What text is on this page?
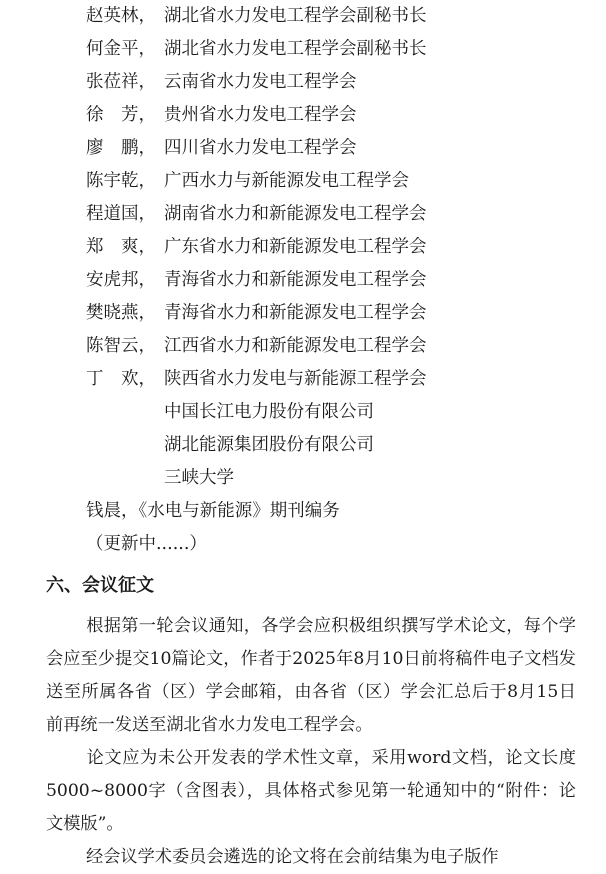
赵英林， 湖北省水力发电工程学会副秘书长
何金平， 湖北省水力发电工程学会副秘书长
张莅祥， 云南省水力发电工程学会
徐　芳， 贵州省水力发电工程学会
廖　鹏， 四川省水力发电工程学会
陈宇乾， 广西水力与新能源发电工程学会
程道国， 湖南省水力和新能源发电工程学会
郑　爽， 广东省水力和新能源发电工程学会
安虎邦， 青海省水力和新能源发电工程学会
樊晓燕， 青海省水力和新能源发电工程学会
陈智云， 江西省水力和新能源发电工程学会
丁　欢， 陕西省水力发电与新能源工程学会
中国长江电力股份有限公司
湖北能源集团股份有限公司
三峡大学
钱晨，《水电与新能源》期刊编务
（更新中......）
六、会议征文
根据第一轮会议通知，各学会应积极组织撰写学术论文，每个学会应至少提交10篇论文，作者于2025年8月10日前将稿件电子文档发送至所属各省（区）学会邮箱，由各省（区）学会汇总后于8月15日前再统一发送至湖北省水力发电工程学会。
论文应为未公开发表的学术性文章，采用word文档，论文长度5000~8000字（含图表），具体格式参见第一轮通知中的“附件：论文模版”。
经会议学术委员会遴选的论文将在会前结集为电子版作
